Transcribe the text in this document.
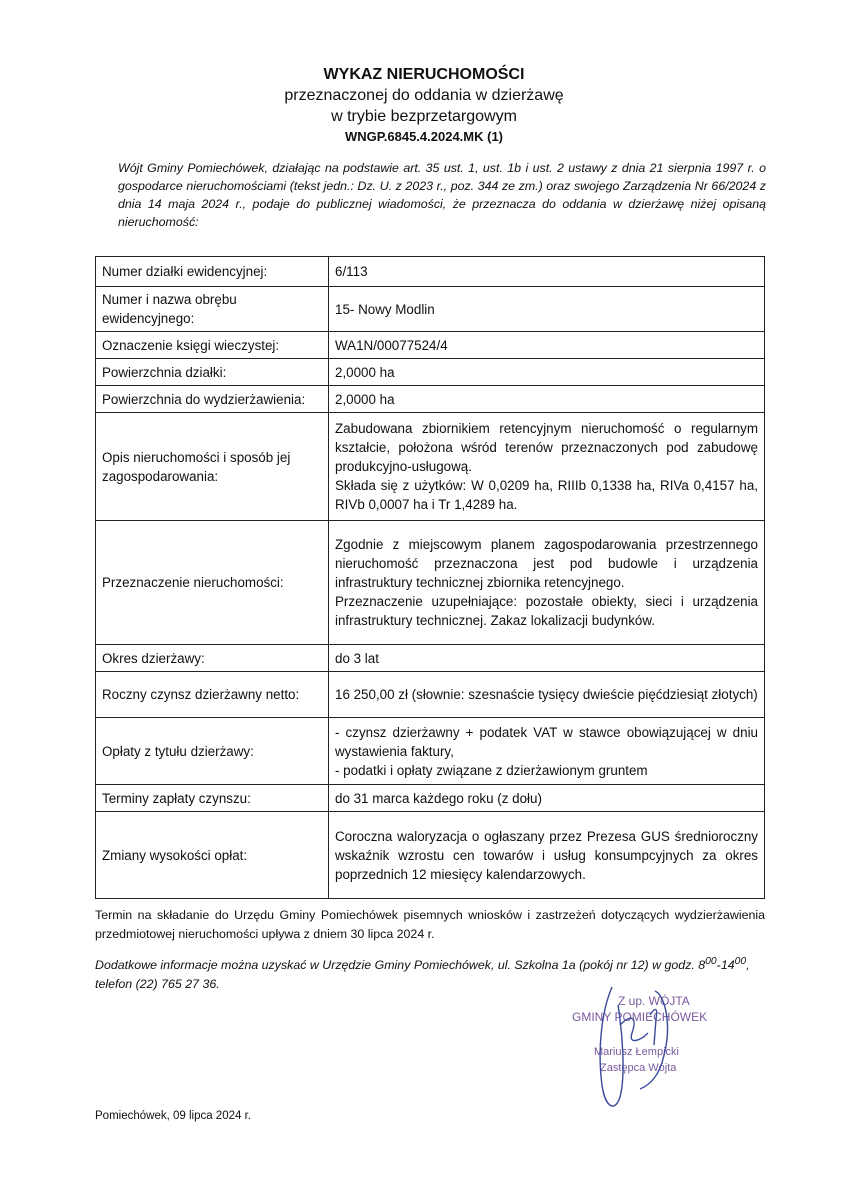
WYKAZ NIERUCHOMOŚCI
przeznaczonej do oddania w dzierżawę
w trybie bezprzetargowym
WNGP.6845.4.2024.MK (1)
Wójt Gminy Pomiechówek, działając na podstawie art. 35 ust. 1, ust. 1b i ust. 2 ustawy z dnia 21 sierpnia 1997 r. o gospodarce nieruchomościami (tekst jedn.: Dz. U. z 2023 r., poz. 344 ze zm.) oraz swojego Zarządzenia Nr 66/2024 z dnia 14 maja 2024 r., podaje do publicznej wiadomości, że przeznacza do oddania w dzierżawę niżej opisaną nieruchomość:
Numer działki ewidencyjnej:	6/113
Numer i nazwa obrębu ewidencyjnego:	15- Nowy Modlin
Oznaczenie księgi wieczystej:	WA1N/00077524/4
Powierzchnia działki:	2,0000 ha
Powierzchnia do wydzierżawienia:	2,0000 ha
Opis nieruchomości i sposób jej zagospodarowania:	Zabudowana zbiornikiem retencyjnym nieruchomość o regularnym kształcie, położona wśród terenów przeznaczonych pod zabudowę produkcyjno-usługową.

Składa się z użytków: W 0,0209 ha, RIIIb 0,1338 ha, RIVa 0,4157 ha, RIVb 0,0007 ha i Tr 1,4289 ha.

Przeznaczenie nieruchomości:	Zgodnie z miejscowym planem zagospodarowania przestrzennego nieruchomość przeznaczona jest pod budowle i urządzenia infrastruktury technicznej zbiornika retencyjnego.

Przeznaczenie uzupełniające: pozostałe obiekty, sieci i urządzenia infrastruktury technicznej. Zakaz lokalizacji budynków.

Okres dzierżawy:	do 3 lat
Roczny czynsz dzierżawny netto:	16 250,00 zł (słownie: szesnaście tysięcy dwieście pięćdziesiąt złotych)
Opłaty z tytułu dzierżawy:	- czynsz dzierżawny + podatek VAT w stawce obowiązującej w dniu wystawienia faktury,

- podatki i opłaty związane z dzierżawionym gruntem

Terminy zapłaty czynszu:	do 31 marca każdego roku (z dołu)
Zmiany wysokości opłat:	Coroczna waloryzacja o ogłaszany przez Prezesa GUS średnioroczny wskaźnik wzrostu cen towarów i usług konsumpcyjnych za okres poprzednich 12 miesięcy kalendarzowych.
Termin na składanie do Urzędu Gminy Pomiechówek pisemnych wniosków i zastrzeżeń dotyczących wydzierżawienia przedmiotowej nieruchomości upływa z dniem 30 lipca 2024 r.
Dodatkowe informacje można uzyskać w Urzędzie Gminy Pomiechówek, ul. Szkolna 1a (pokój nr 12) w godz. $8^{00}-14^{00}$, telefon (22) 765 27 36.
Z up. WÓJTA
GMINY POMIECHÓWEK
Mariusz Łempicki
Zastępca Wójta
Pomiechówek, 09 lipca 2024 r.
